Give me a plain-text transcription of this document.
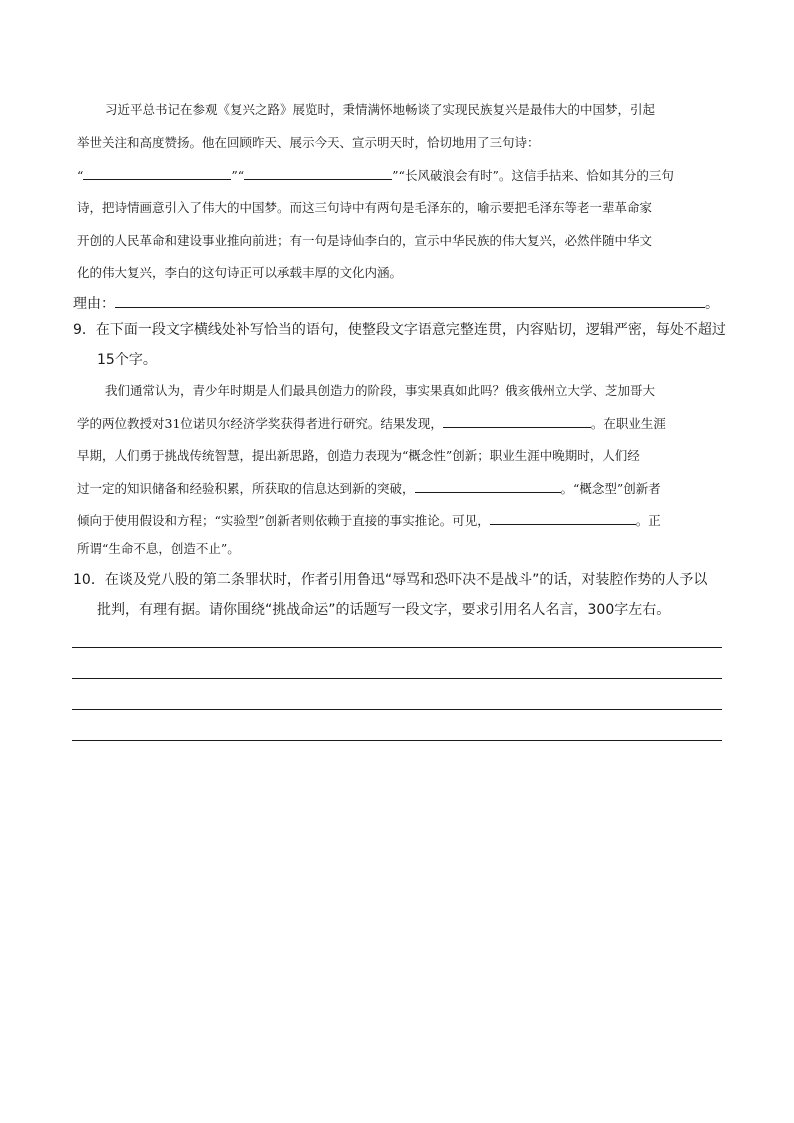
习近平总书记在参观《复兴之路》展览时，秉情满怀地畅谈了实现民族复兴是最伟大的中国梦，引起
举世关注和高度赞扬。他在回顾昨天、展示今天、宣示明天时，恰切地用了三句诗：
“	”“	”“长风破浪会有时”。这信手拈来、恰如其分的三句
诗，把诗情画意引入了伟大的中国梦。而这三句诗中有两句是毛泽东的，喻示要把毛泽东等老一辈革命家
开创的人民革命和建设事业推向前进；有一句是诗仙李白的，宣示中华民族的伟大复兴，必然伴随中华文
化的伟大复兴，李白的这句诗正可以承载丰厚的文化内涵。
理由：	。
9．在下面一段文字横线处补写恰当的语句，使整段文字语意完整连贯，内容贴切，逻辑严密，每处不超过
15个字。
我们通常认为，青少年时期是人们最具创造力的阶段，事实果真如此吗？俄亥俄州立大学、芝加哥大
学的两位教授对31位诺贝尔经济学奖获得者进行研究。结果发现，	。在职业生涯
早期，人们勇于挑战传统智慧，提出新思路，创造力表现为“概念性”创新；职业生涯中晚期时，人们经
过一定的知识储备和经验积累，所获取的信息达到新的突破，	。“概念型”创新者
倾向于使用假设和方程；“实验型”创新者则依赖于直接的事实推论。可见，	。正
所谓“生命不息，创造不止”。
10．在谈及党八股的第二条罪状时，作者引用鲁迅“辱骂和恐吓决不是战斗”的话，对装腔作势的人予以
批判，有理有据。请你围绕“挑战命运”的话题写一段文字，要求引用名人名言，300字左右。
